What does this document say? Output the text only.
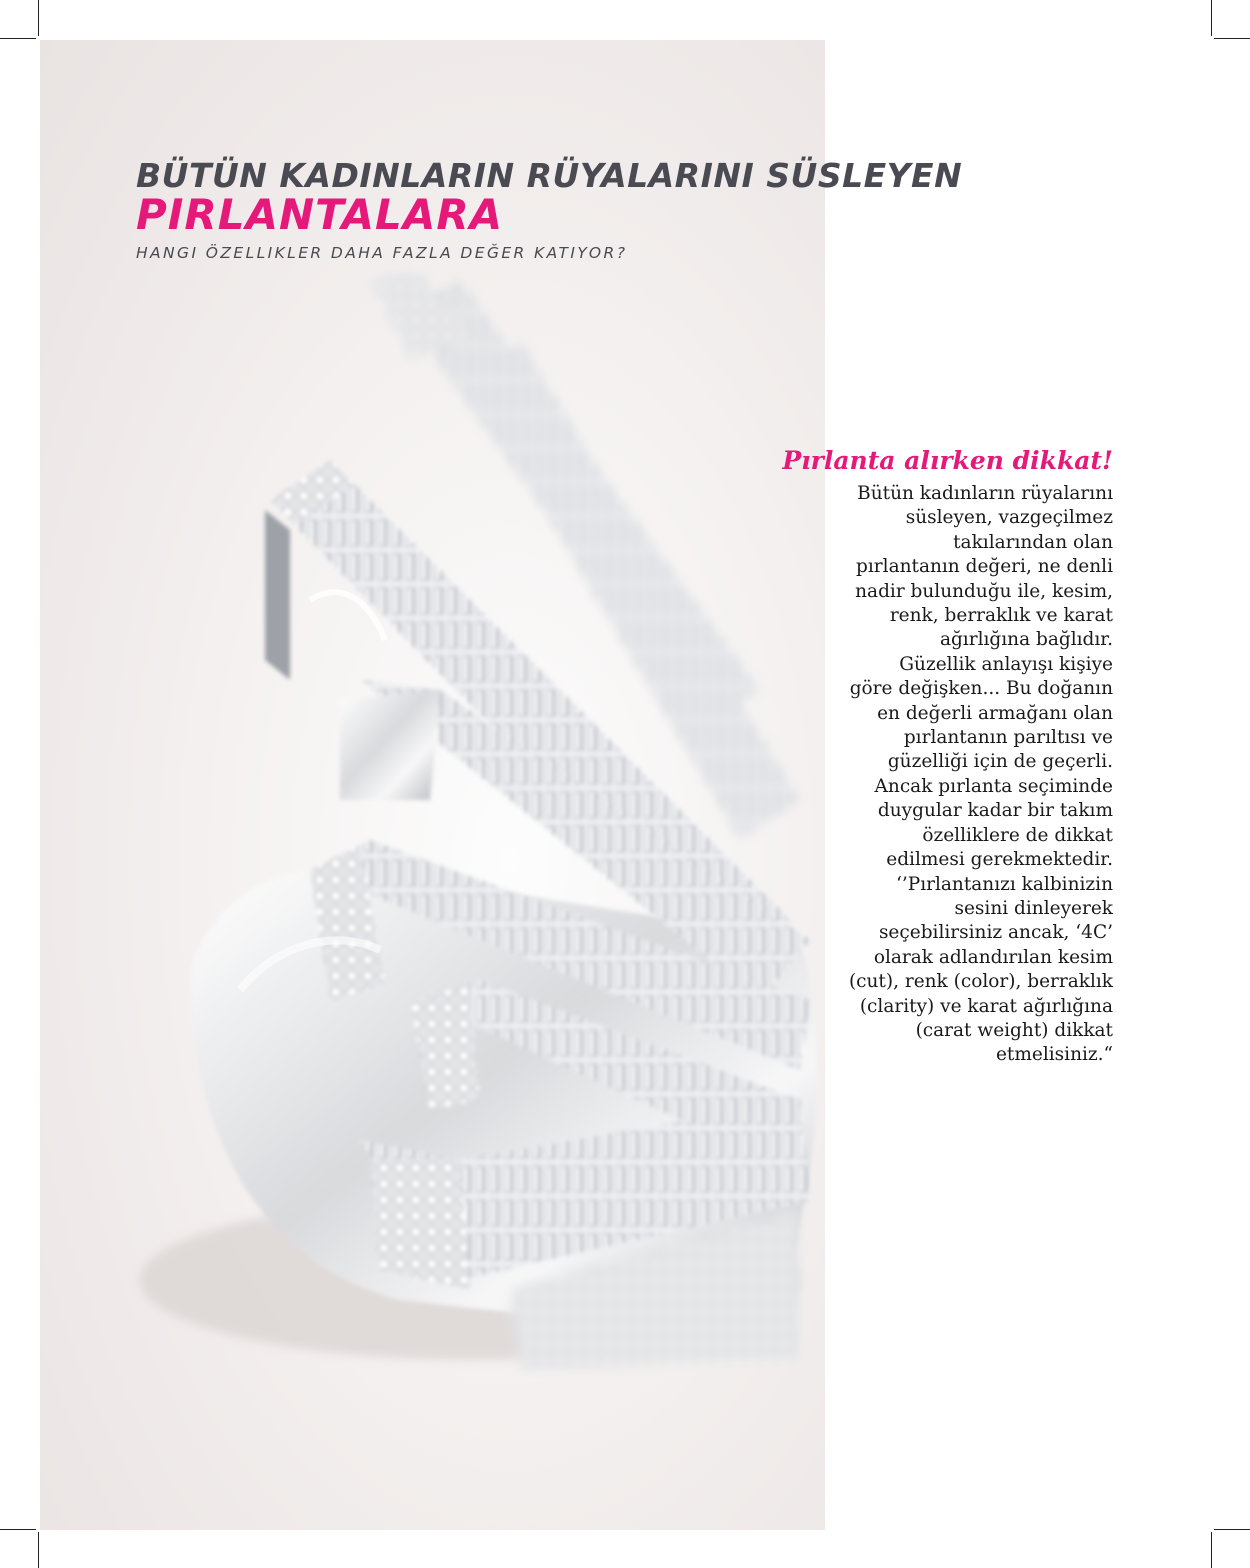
BÜTÜN KADINLARIN RÜYALARINI SÜSLEYEN
PIRLANTALARA

HANGI ÖZELLIKLER DAHA FAZLA DEĞER KATIYOR?

Pırlanta alırken dikkat!

Bütün kadınların rüyalarını
süsleyen, vazgeçilmez
takılarından olan
pırlantanın değeri, ne denli
nadir bulunduğu ile, kesim,
renk, berraklık ve karat
ağırlığına bağlıdır.
Güzellik anlayışı kişiye
göre değişken... Bu doğanın
en değerli armağanı olan
pırlantanın parıltısı ve
güzelliği için de geçerli.
Ancak pırlanta seçiminde
duygular kadar bir takım
özelliklere de dikkat
edilmesi gerekmektedir.
‘’Pırlantanızı kalbinizin
sesini dinleyerek
seçebilirsiniz ancak, ‘4C’
olarak adlandırılan kesim
(cut), renk (color), berraklık
(clarity) ve karat ağırlığına
(carat weight) dikkat
etmelisiniz.“
